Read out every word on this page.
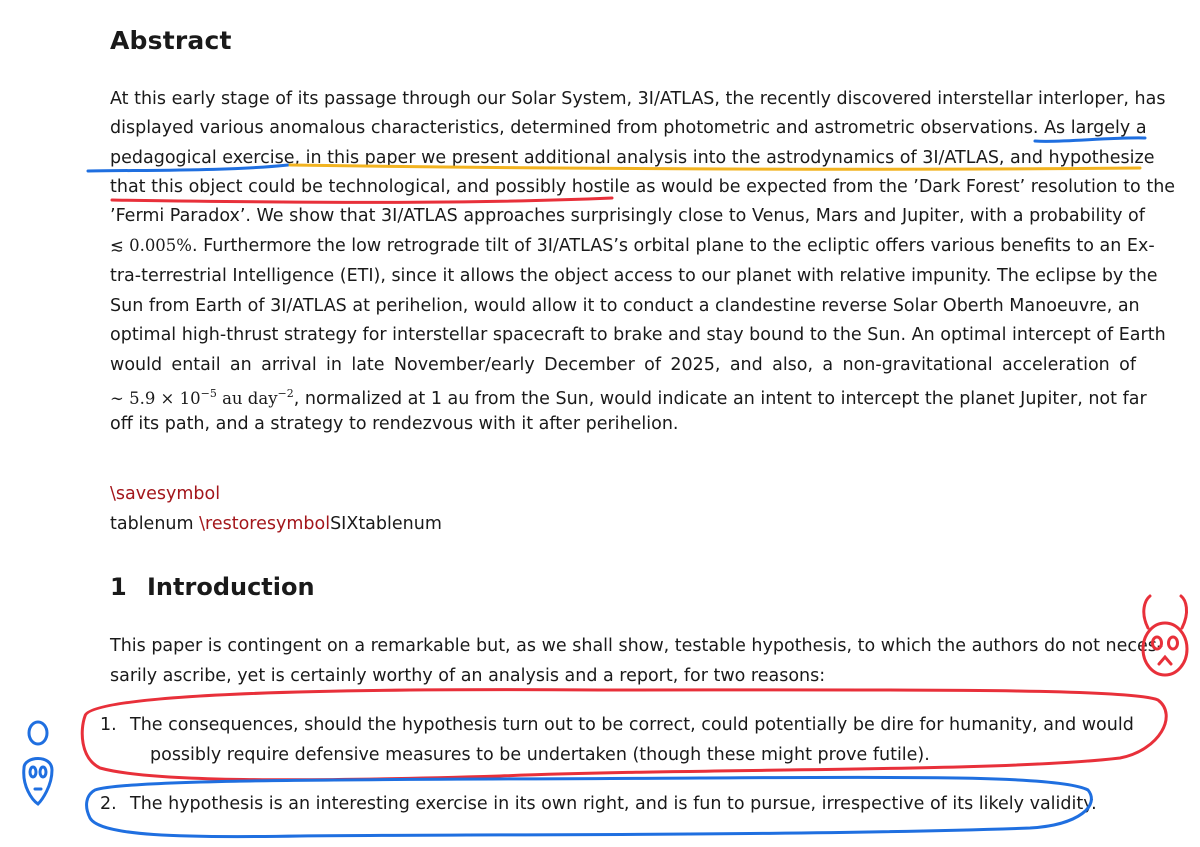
Abstract

At this early stage of its passage through our Solar System, 3I/ATLAS, the recently discovered interstellar interloper, has

displayed various anomalous characteristics, determined from photometric and astrometric observations. As largely a

pedagogical exercise, in this paper we present additional analysis into the astrodynamics of 3I/ATLAS, and hypothesize

that this object could be technological, and possibly hostile as would be expected from the ’Dark Forest’ resolution to the

’Fermi Paradox’. We show that 3I/ATLAS approaches surprisingly close to Venus, Mars and Jupiter, with a probability of

≲ 0.005%. Furthermore the low retrograde tilt of 3I/ATLAS’s orbital plane to the ecliptic offers various benefits to an Ex-

tra-terrestrial Intelligence (ETI), since it allows the object access to our planet with relative impunity. The eclipse by the

Sun from Earth of 3I/ATLAS at perihelion, would allow it to conduct a clandestine reverse Solar Oberth Manoeuvre, an

optimal high-thrust strategy for interstellar spacecraft to brake and stay bound to the Sun. An optimal intercept of Earth

would entail an arrival in late November/early December of 2025, and also, a non-gravitational acceleration of

∼ $5.9 \times 10^{-5}$ au day$^{-2}$, normalized at 1 au from the Sun, would indicate an intent to intercept the planet Jupiter, not far

off its path, and a strategy to rendezvous with it after perihelion.

\savesymbol

tablenum \restoresymbolSIXtablenum

1 Introduction

This paper is contingent on a remarkable but, as we shall show, testable hypothesis, to which the authors do not neces-

sarily ascribe, yet is certainly worthy of an analysis and a report, for two reasons:

1. The consequences, should the hypothesis turn out to be correct, could potentially be dire for humanity, and would

possibly require defensive measures to be undertaken (though these might prove futile).

2. The hypothesis is an interesting exercise in its own right, and is fun to pursue, irrespective of its likely validity.
